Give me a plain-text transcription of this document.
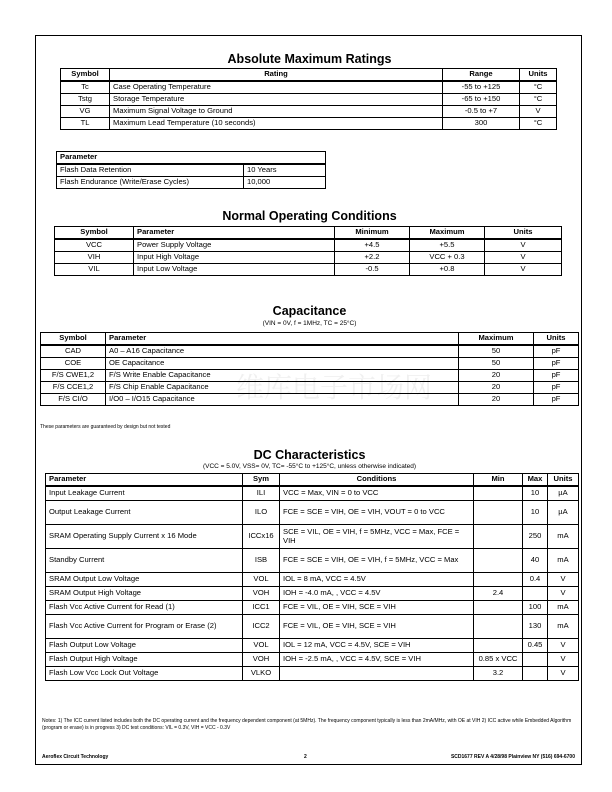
Absolute Maximum Ratings
Symbol	Rating	Range	Units
Tc	Case Operating Temperature	-55 to +125	°C
Tstg	Storage Temperature	-65 to +150	°C
VG	Maximum Signal Voltage to Ground	-0.5 to +7	V
TL	Maximum Lead Temperature (10 seconds)	300	°C
Parameter	
Flash Data Retention	10 Years
Flash Endurance (Write/Erase Cycles)	10,000
Normal Operating Conditions
Symbol	Parameter	Minimum	Maximum	Units
VCC	Power Supply Voltage	+4.5	+5.5	V
VIH	Input High Voltage	+2.2	VCC + 0.3	V
VIL	Input Low Voltage	-0.5	+0.8	V
Capacitance
(VIN = 0V, f = 1MHz, TC = 25°C)
Symbol	Parameter	Maximum	Units
CAD	A0 – A16 Capacitance	50	pF
COE	OE Capacitance	50	pF
F/S CWE1,2	F/S Write Enable Capacitance	20	pF
F/S CCE1,2	F/S Chip Enable Capacitance	20	pF
F/S CI/O	I/O0 – I/O15 Capacitance	20	pF
These parameters are guaranteed by design but not tested
DC Characteristics
(VCC = 5.0V, VSS= 0V, TC= -55°C to +125°C, unless otherwise indicated)
Parameter	Sym	Conditions	Min	Max	Units
Input Leakage Current	ILI	VCC = Max, VIN = 0 to VCC		10	µA
Output Leakage Current	ILO	FCE = SCE = VIH, OE = VIH, VOUT = 0 to VCC		10	µA
SRAM Operating Supply Current x 16 Mode	ICCx16	SCE = VIL, OE = VIH, f = 5MHz, VCC = Max, FCE = VIH		250	mA
Standby Current	ISB	FCE = SCE = VIH, OE = VIH, f = 5MHz, VCC = Max		40	mA
SRAM Output Low Voltage	VOL	IOL = 8 mA, VCC = 4.5V		0.4	V
SRAM Output High Voltage	VOH	IOH = -4.0 mA, , VCC = 4.5V	2.4		V
Flash Vcc Active Current for Read (1)	ICC1	FCE = VIL, OE = VIH, SCE = VIH		100	mA
Flash Vcc Active Current for Program or Erase (2)	ICC2	FCE = VIL, OE = VIH, SCE = VIH		130	mA
Flash Output Low Voltage	VOL	IOL = 12 mA, VCC = 4.5V, SCE = VIH		0.45	V
Flash Output High Voltage	VOH	IOH = -2.5 mA, , VCC = 4.5V, SCE = VIH	0.85 x VCC		V
Flash Low Vcc Lock Out Voltage	VLKO		3.2		V
Notes: 1) The ICC current listed includes both the DC operating current and the frequency dependent component (at 5MHz). The frequency component typically is less than 2mA/MHz, with OE at VIH 2) ICC active while Embedded Algorithm (program or erase) is in progress 3) DC test conditions: VIL = 0.3V, VIH = VCC - 0.3V
维库电子市场网
Aeroflex Circuit Technology	2	SCD1677 REV A 4/28/98 Plainview NY (516) 694-6700
